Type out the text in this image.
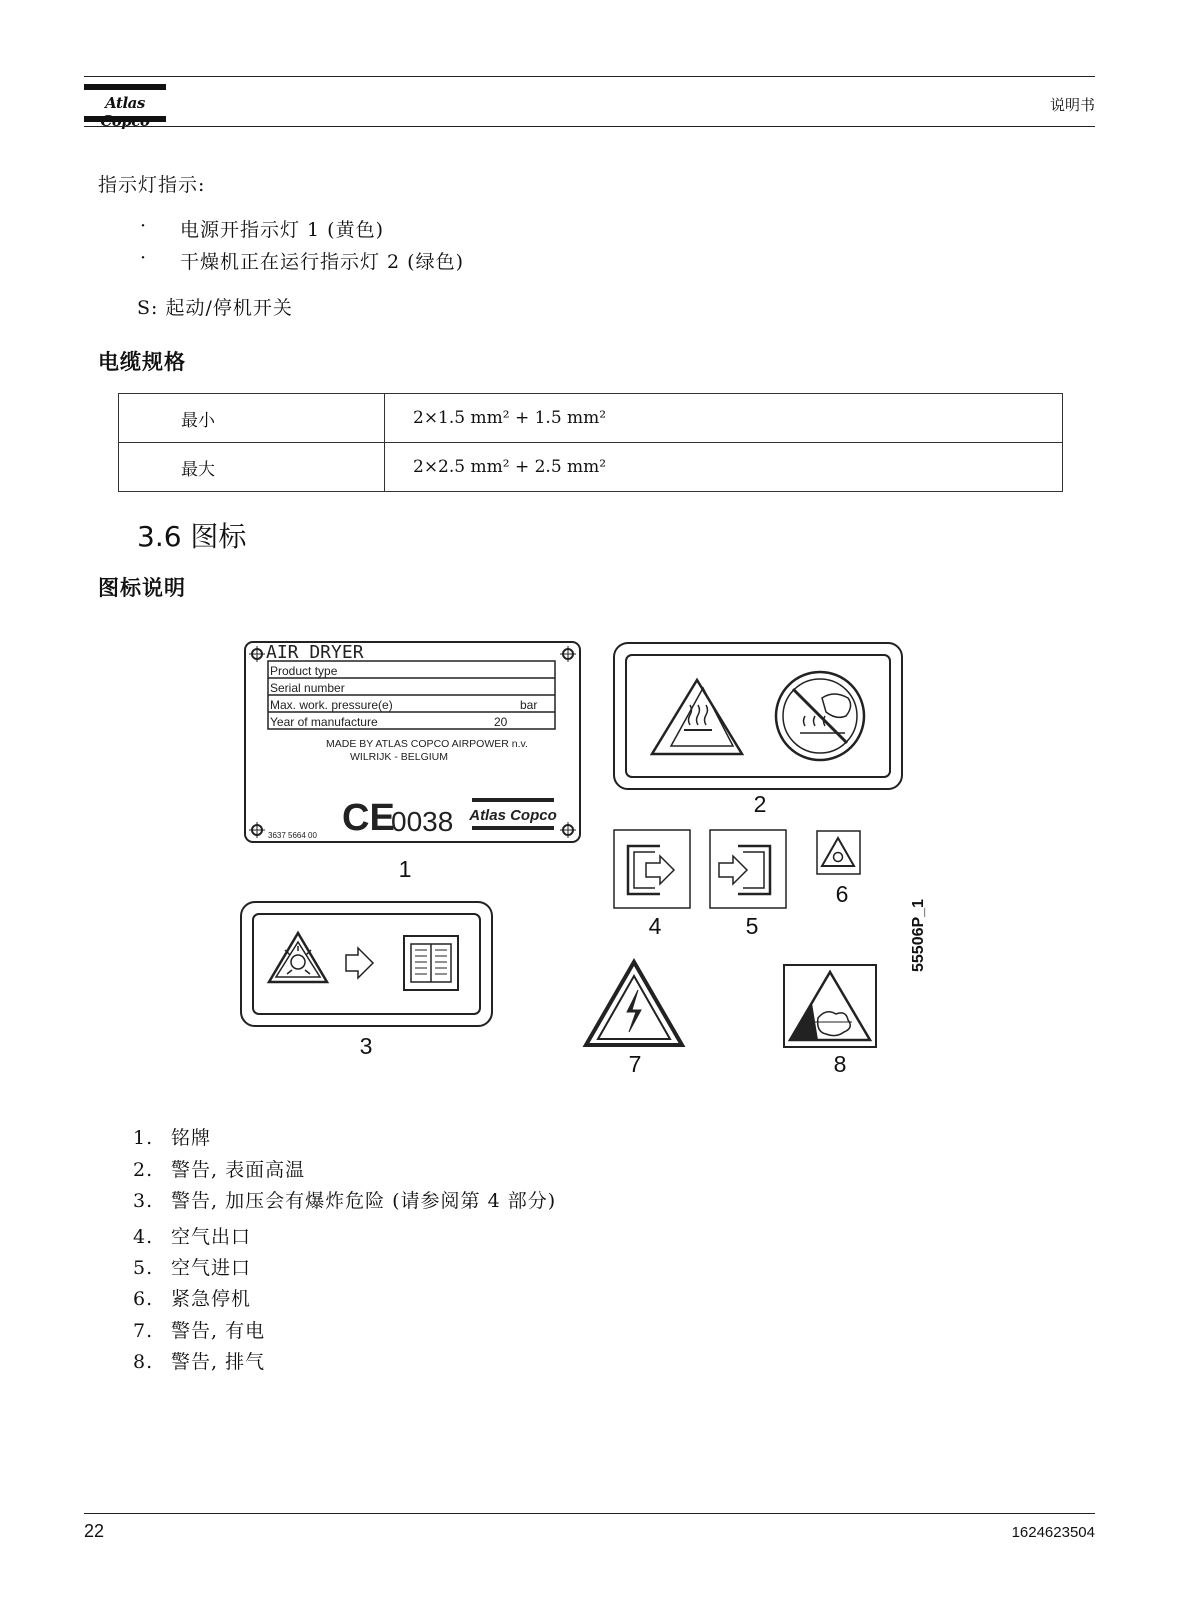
Atlas	说明书
指示灯指示:
· 电源开指示灯 1 (黄色)
· 干燥机正在运行指示灯 2 (绿色)
S: 起动/停机开关
电缆规格
最小	2×1.5 mm² + 1.5 mm²
最大	2×2.5 mm² + 2.5 mm²
3.6 图标
图标说明
AIR DRYER
Product type
Serial number
Max. work. pressure(e)	bar
Year of manufacture	20
MADE BY ATLAS COPCO AIRPOWER n.v.
WILRIJK - BELGIUM
CE
0038
3637 5664 00
Atlas Copco
1
2
3
4	5
6
7	8
55506P_1
1. 铭牌
2. 警告, 表面高温
3. 警告, 加压会有爆炸危险 (请参阅第 4 部分)
4. 空气出口
5. 空气进口
6. 紧急停机
7. 警告, 有电
8. 警告, 排气
22	1624623504
